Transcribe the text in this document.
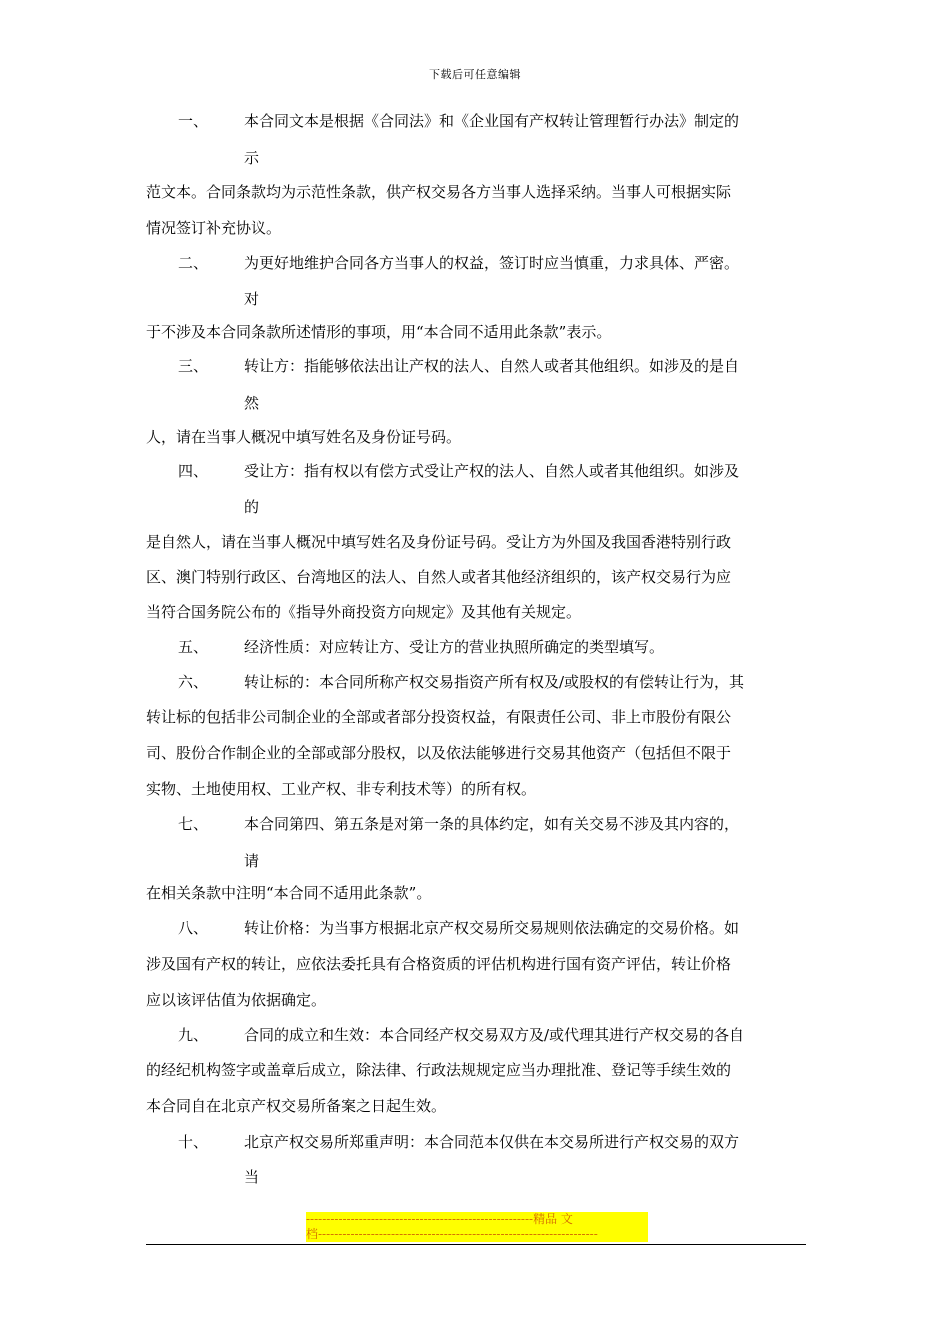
下载后可任意编辑
一、 本合同文本是根据《合同法》和《企业国有产权转让管理暂行办法》制定的
示
范文本。合同条款均为示范性条款，供产权交易各方当事人选择采纳。当事人可根据实际
情况签订补充协议。
二、 为更好地维护合同各方当事人的权益，签订时应当慎重，力求具体、严密。
对
于不涉及本合同条款所述情形的事项，用“本合同不适用此条款”表示。
三、 转让方：指能够依法出让产权的法人、自然人或者其他组织。如涉及的是自
然
人，请在当事人概况中填写姓名及身份证号码。
四、 受让方：指有权以有偿方式受让产权的法人、自然人或者其他组织。如涉及
的
是自然人，请在当事人概况中填写姓名及身份证号码。受让方为外国及我国香港特别行政
区、澳门特别行政区、台湾地区的法人、自然人或者其他经济组织的，该产权交易行为应
当符合国务院公布的《指导外商投资方向规定》及其他有关规定。
五、 经济性质：对应转让方、受让方的营业执照所确定的类型填写。
六、 转让标的：本合同所称产权交易指资产所有权及/或股权的有偿转让行为，其
转让标的包括非公司制企业的全部或者部分投资权益，有限责任公司、非上市股份有限公
司、股份合作制企业的全部或部分股权，以及依法能够进行交易其他资产（包括但不限于
实物、土地使用权、工业产权、非专利技术等）的所有权。
七、 本合同第四、第五条是对第一条的具体约定，如有关交易不涉及其内容的，
请
在相关条款中注明“本合同不适用此条款”。
八、 转让价格：为当事方根据北京产权交易所交易规则依法确定的交易价格。如
涉及国有产权的转让，应依法委托具有合格资质的评估机构进行国有资产评估，转让价格
应以该评估值为依据确定。
九、 合同的成立和生效：本合同经产权交易双方及/或代理其进行产权交易的各自
的经纪机构签字或盖章后成立，除法律、行政法规规定应当办理批准、登记等手续生效的
本合同自在北京产权交易所备案之日起生效。
十、 北京产权交易所郑重声明：本合同范本仅供在本交易所进行产权交易的双方
当
--------------------------------------------------------精品 文
档---------------------------------------------------------------------
